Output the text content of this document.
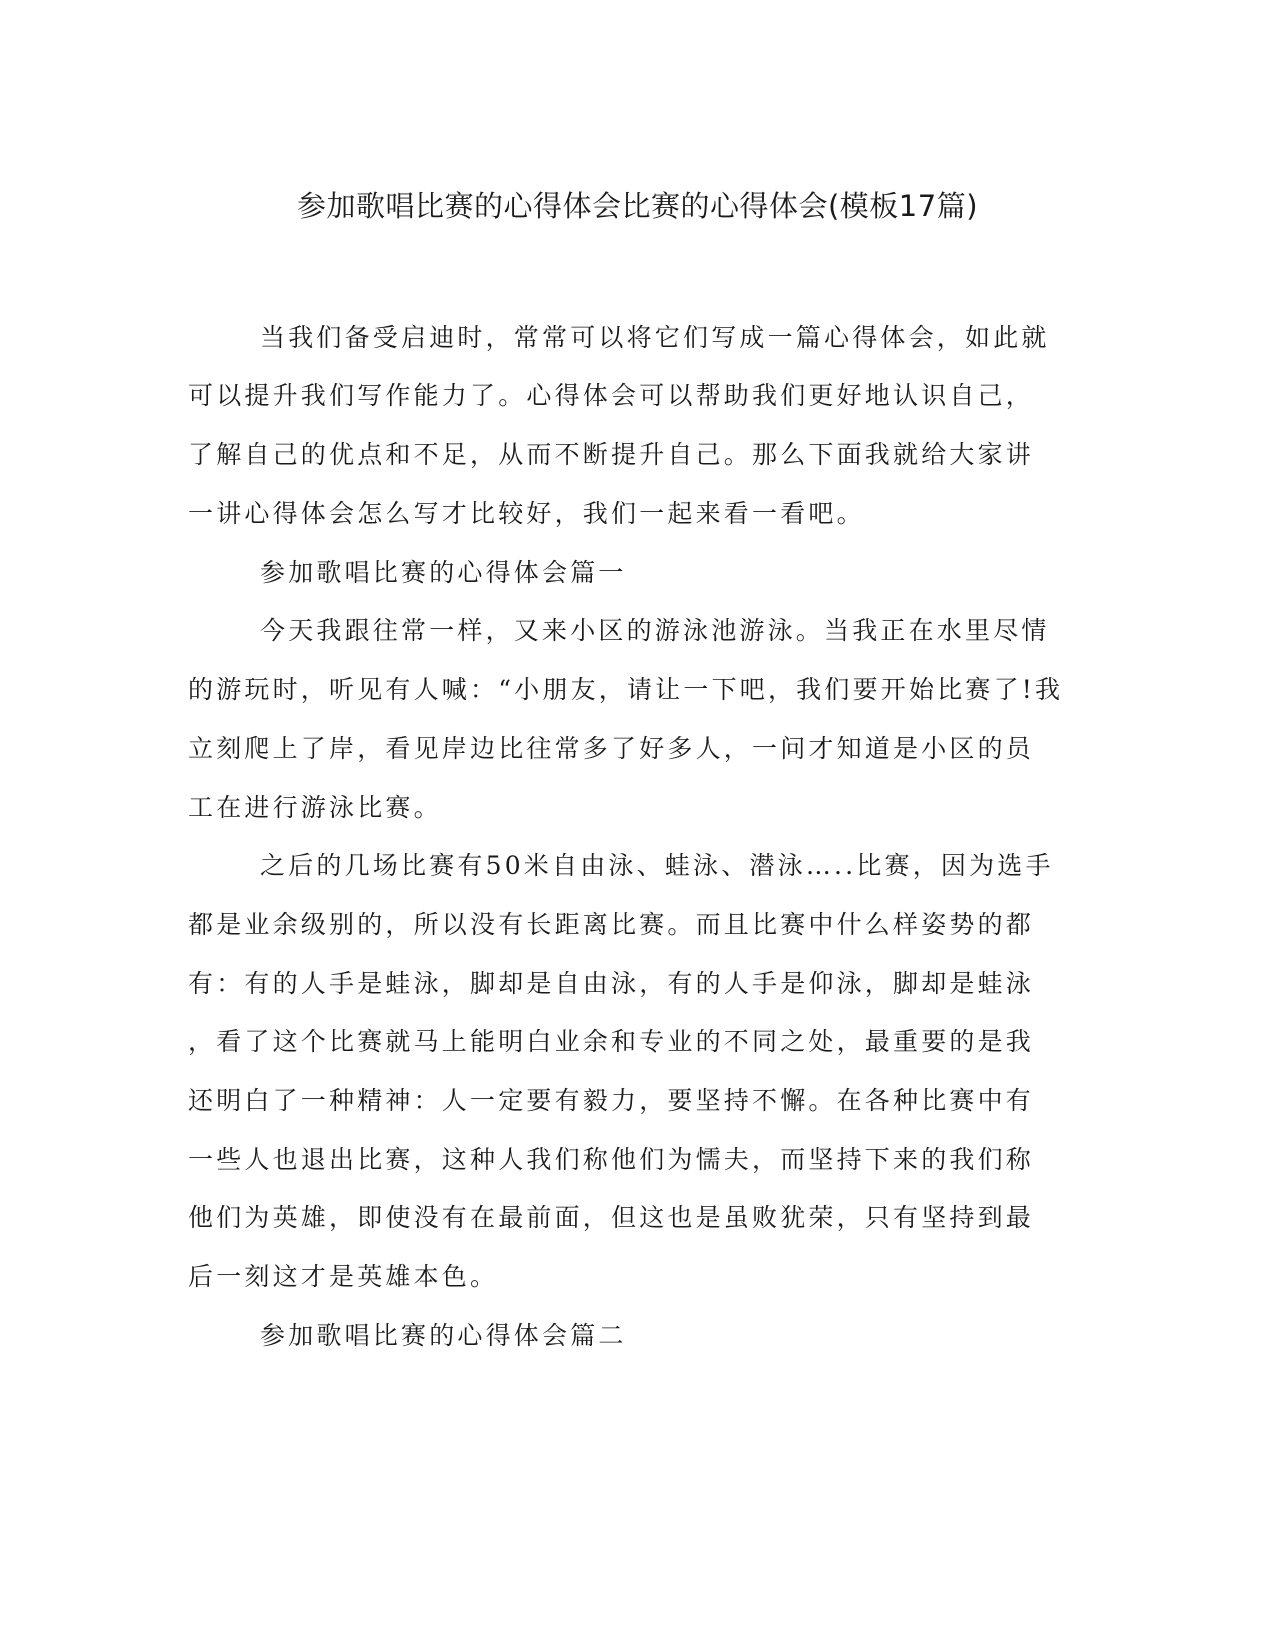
参加歌唱比赛的心得体会比赛的心得体会(模板17篇)

当我们备受启迪时，常常可以将它们写成一篇心得体会，如此就

可以提升我们写作能力了。心得体会可以帮助我们更好地认识自己，

了解自己的优点和不足，从而不断提升自己。那么下面我就给大家讲

一讲心得体会怎么写才比较好，我们一起来看一看吧。

参加歌唱比赛的心得体会篇一

今天我跟往常一样，又来小区的游泳池游泳。当我正在水里尽情

的游玩时，听见有人喊：“小朋友，请让一下吧，我们要开始比赛了!我

立刻爬上了岸，看见岸边比往常多了好多人，一问才知道是小区的员

工在进行游泳比赛。

之后的几场比赛有50米自由泳、蛙泳、潜泳…..比赛，因为选手

都是业余级别的，所以没有长距离比赛。而且比赛中什么样姿势的都

有：有的人手是蛙泳，脚却是自由泳，有的人手是仰泳，脚却是蛙泳

，看了这个比赛就马上能明白业余和专业的不同之处，最重要的是我

还明白了一种精神：人一定要有毅力，要坚持不懈。在各种比赛中有

一些人也退出比赛，这种人我们称他们为懦夫，而坚持下来的我们称

他们为英雄，即使没有在最前面，但这也是虽败犹荣，只有坚持到最

后一刻这才是英雄本色。

参加歌唱比赛的心得体会篇二
